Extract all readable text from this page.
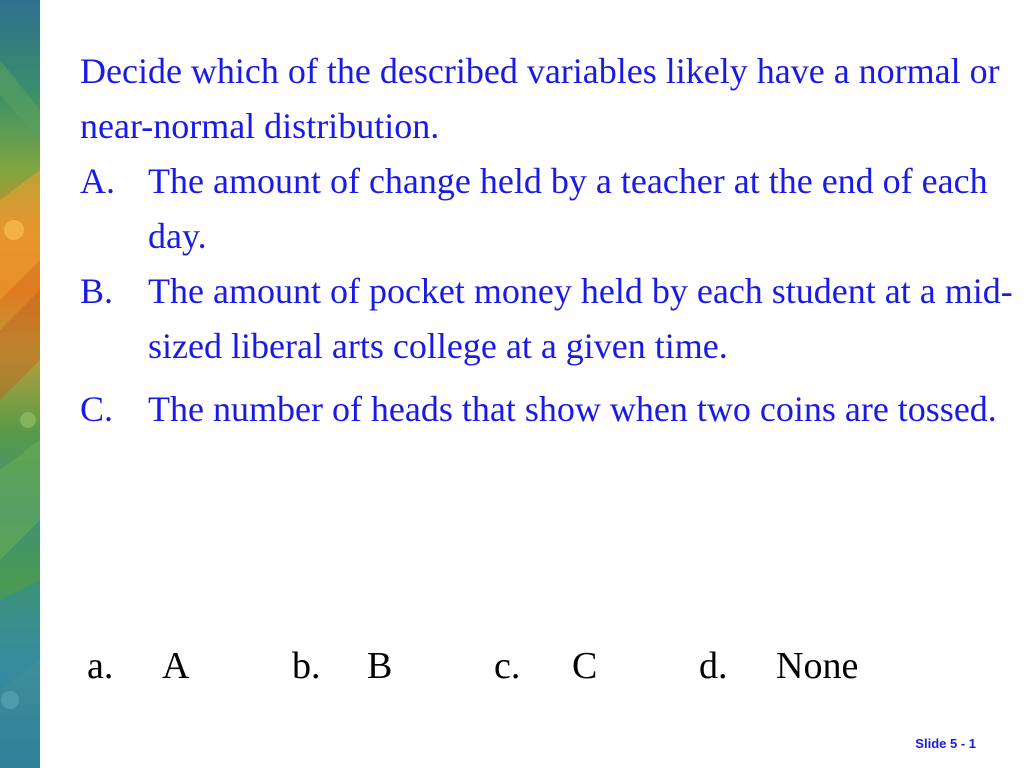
Decide which of the described variables likely have a normal or near-normal distribution.

A. The amount of change held by a teacher at the end of each day.

B. The amount of pocket money held by each student at a mid-sized liberal arts college at a given time.

C. The number of heads that show when two coins are tossed.

a. A	b. B	c. C	d. None
Slide 5 - 1
